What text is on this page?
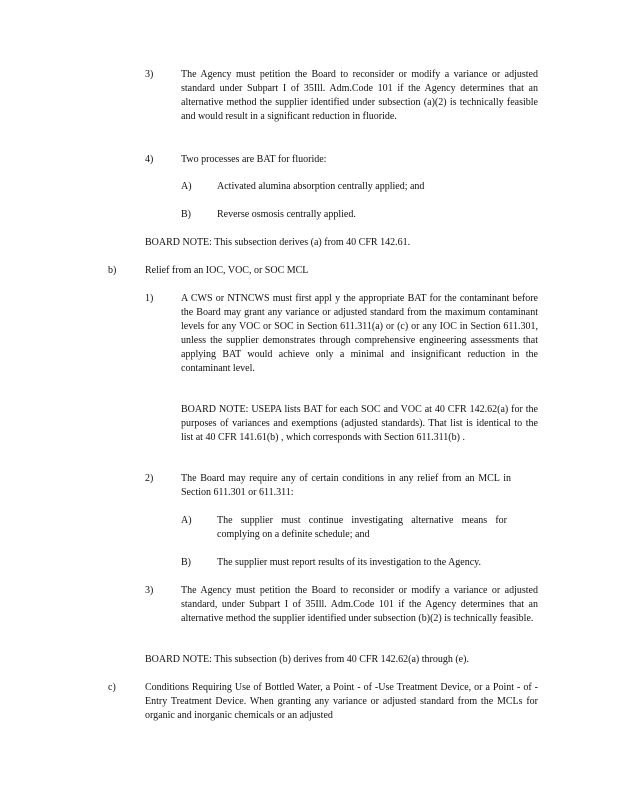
3)	The Agency must petition the Board to reconsider or modify a variance or adjusted standard under Subpart I of 35Ill. Adm.Code 101 if the Agency determines that an alternative method the supplier identified under subsection (a)(2) is technically feasible and would result in a significant reduction in fluoride.
4)	Two processes are BAT for fluoride:
A)	Activated alumina absorption centrally applied; and
B)	Reverse osmosis centrally applied.
BOARD NOTE: This subsection derives (a) from 40 CFR 142.61.
b)	Relief from an IOC, VOC, or SOC MCL
1)	A CWS or NTNCWS must first appl y the appropriate BAT for the contaminant before the Board may grant any variance or adjusted standard from the maximum contaminant levels for any VOC or SOC in Section 611.311(a) or (c) or any IOC in Section 611.301, unless the supplier demonstrates through comprehensive engineering assessments that applying BAT would achieve only a minimal and insignificant reduction in the contaminant level.
BOARD NOTE: USEPA lists BAT for each SOC and VOC at 40 CFR 142.62(a) for the purposes of variances and exemptions (adjusted standards). That list is identical to the list at 40 CFR 141.61(b) , which corresponds with Section 611.311(b) .
2)	The Board may require any of certain conditions in any relief from an MCL in Section 611.301 or 611.311:
A)	The supplier must continue investigating alternative means for complying on a definite schedule; and
B)	The supplier must report results of its investigation to the Agency.
3)	The Agency must petition the Board to reconsider or modify a variance or adjusted standard, under Subpart I of 35Ill. Adm.Code 101 if the Agency determines that an alternative method the supplier identified under subsection (b)(2) is technically feasible.
BOARD NOTE: This subsection (b) derives from 40 CFR 142.62(a) through (e).
c)	Conditions Requiring Use of Bottled Water, a Point - of -Use Treatment Device, or a Point - of -Entry Treatment Device. When granting any variance or adjusted standard from the MCLs for organic and inorganic chemicals or an adjusted
